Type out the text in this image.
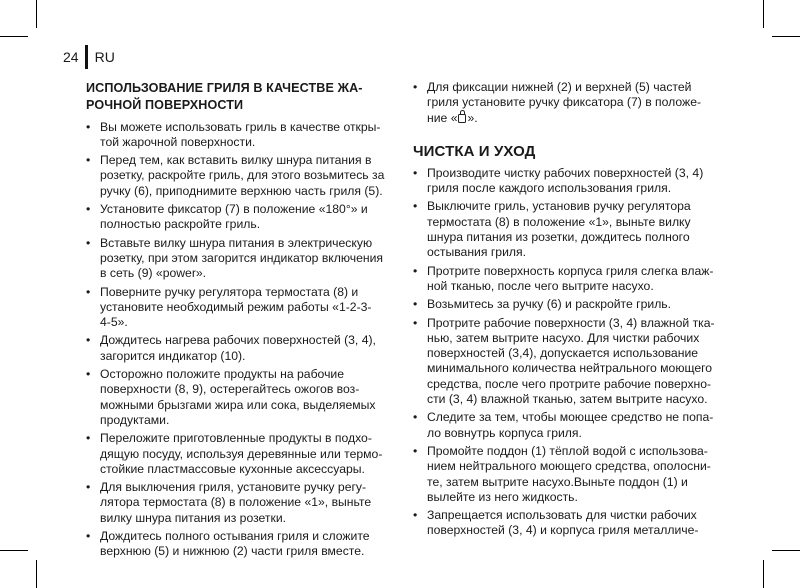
24 RU
ИСПОЛЬЗОВАНИЕ ГРИЛЯ В КАЧЕСТВЕ ЖА-
РОЧНОЙ ПОВЕРХНОСТИ
• Вы можете использовать гриль в качестве откры-
той жарочной поверхности.
• Перед тем, как вставить вилку шнура питания в
розетку, раскройте гриль, для этого возьмитесь за
ручку (6), приподнимите верхнюю часть гриля (5).
• Установите фиксатор (7) в положение «180°» и
полностью раскройте гриль.
• Вставьте вилку шнура питания в электрическую
розетку, при этом загорится индикатор включения
в сеть (9) «power».
• Поверните ручку регулятора термостата (8) и
установите необходимый режим работы «1-2-3-
4-5».
• Дождитесь нагрева рабочих поверхностей (3, 4),
загорится индикатор (10).
• Осторожно положите продукты на рабочие
поверхности (8, 9), остерегайтесь ожогов воз-
можными брызгами жира или сока, выделяемых
продуктами.
• Переложите приготовленные продукты в подхо-
дящую посуду, используя деревянные или термо-
стойкие пластмассовые кухонные аксессуары.
• Для выключения гриля, установите ручку регу-
лятора термостата (8) в положение «1», выньте
вилку шнура питания из розетки.
• Дождитесь полного остывания гриля и сложите
верхнюю (5) и нижнюю (2) части гриля вместе.
• Для фиксации нижней (2) и верхней (5) частей
гриля установите ручку фиксатора (7) в положе-
ние « ».
ЧИСТКА И УХОД
• Производите чистку рабочих поверхностей (3, 4)
гриля после каждого использования гриля.
• Выключите гриль, установив ручку регулятора
термостата (8) в положение «1», выньте вилку
шнура питания из розетки, дождитесь полного
остывания гриля.
• Протрите поверхность корпуса гриля слегка влаж-
ной тканью, после чего вытрите насухо.
• Возьмитесь за ручку (6) и раскройте гриль.
• Протрите рабочие поверхности (3, 4) влажной тка-
нью, затем вытрите насухо. Для чистки рабочих
поверхностей (3,4), допускается использование
минимального количества нейтрального моющего
средства, после чего протрите рабочие поверхно-
сти (3, 4) влажной тканью, затем вытрите насухо.
• Следите за тем, чтобы моющее средство не попа-
ло вовнутрь корпуса гриля.
• Промойте поддон (1) тёплой водой с использова-
нием нейтрального моющего средства, ополосни-
те, затем вытрите насухо.Выньте поддон (1) и
вылейте из него жидкость.
• Запрещается использовать для чистки рабочих
поверхностей (3, 4) и корпуса гриля металличе-
